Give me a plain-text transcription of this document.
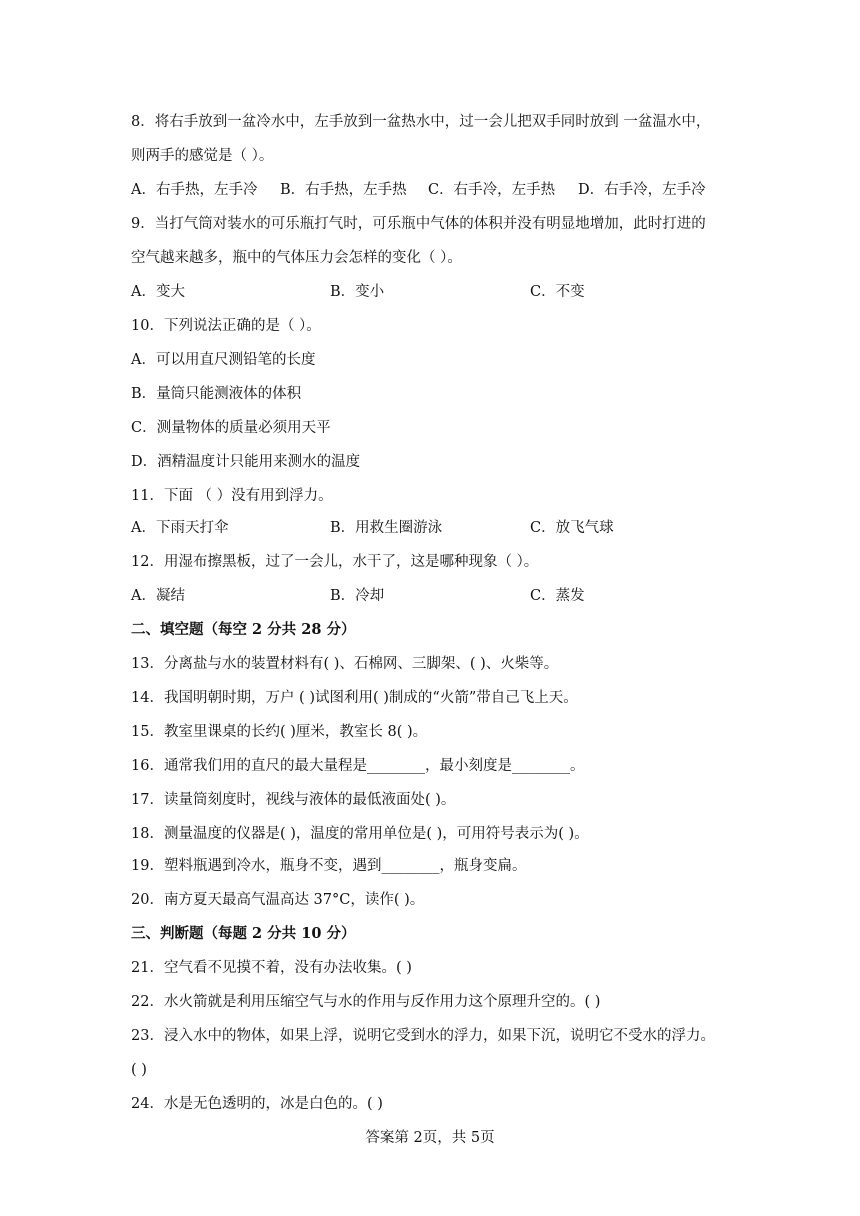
8．将右手放到一盆冷水中，左手放到一盆热水中，过一会儿把双手同时放到 一盆温水中，
则两手的感觉是（ ）。
A．右手热，左手冷 B．右手热，左手热 C．右手冷，左手热 D．右手冷，左手冷
9．当打气筒对装水的可乐瓶打气时，可乐瓶中气体的体积并没有明显地增加，此时打进的
空气越来越多，瓶中的气体压力会怎样的变化（ ）。
A．变大	B．变小	C．不变
10．下列说法正确的是（ ）。
A．可以用直尺测铅笔的长度
B．量筒只能测液体的体积
C．测量物体的质量必须用天平
D．酒精温度计只能用来测水的温度
11．下面 （ ）没有用到浮力。
A．下雨天打伞	B．用救生圈游泳	C．放飞气球
12．用湿布擦黑板，过了一会儿，水干了，这是哪种现象（ ）。
A．凝结	B．冷却	C．蒸发
二、填空题（每空 2 分共 28 分）
13．分离盐与水的装置材料有( )、石棉网、三脚架、( )、火柴等。
14．我国明朝时期，万户 ( )试图利用( )制成的“火箭”带自己飞上天。
15．教室里课桌的长约( )厘米，教室长 8( )。
16．通常我们用的直尺的最大量程是________，最小刻度是________。
17．读量筒刻度时，视线与液体的最低液面处( )。
18．测量温度的仪器是( )，温度的常用单位是( )，可用符号表示为( )。
19．塑料瓶遇到冷水，瓶身不变，遇到________，瓶身变扁。
20．南方夏天最高气温高达 37°C，读作( )。
三、判断题（每题 2 分共 10 分）
21．空气看不见摸不着，没有办法收集。( )
22．水火箭就是利用压缩空气与水的作用与反作用力这个原理升空的。( )
23．浸入水中的物体，如果上浮，说明它受到水的浮力，如果下沉，说明它不受水的浮力。
( )
24．水是无色透明的，冰是白色的。( )
答案第 2页，共 5页
